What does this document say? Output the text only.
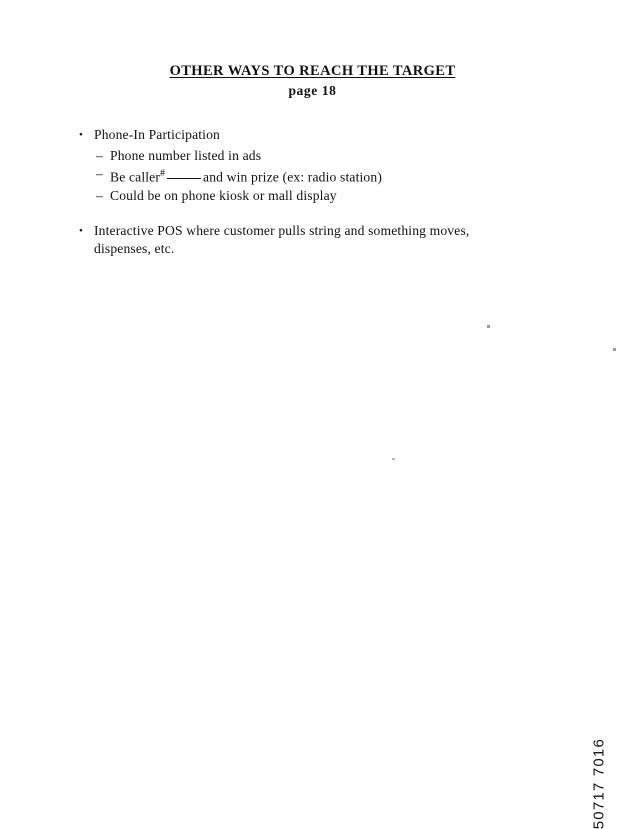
OTHER WAYS TO REACH THE TARGET
page 18
• Phone-In Participation
– Phone number listed in ads
– Be caller#	and win prize (ex: radio station)
– Could be on phone kiosk or mall display
• Interactive POS where customer pulls string and something moves,
dispenses, etc.
50717 7016
